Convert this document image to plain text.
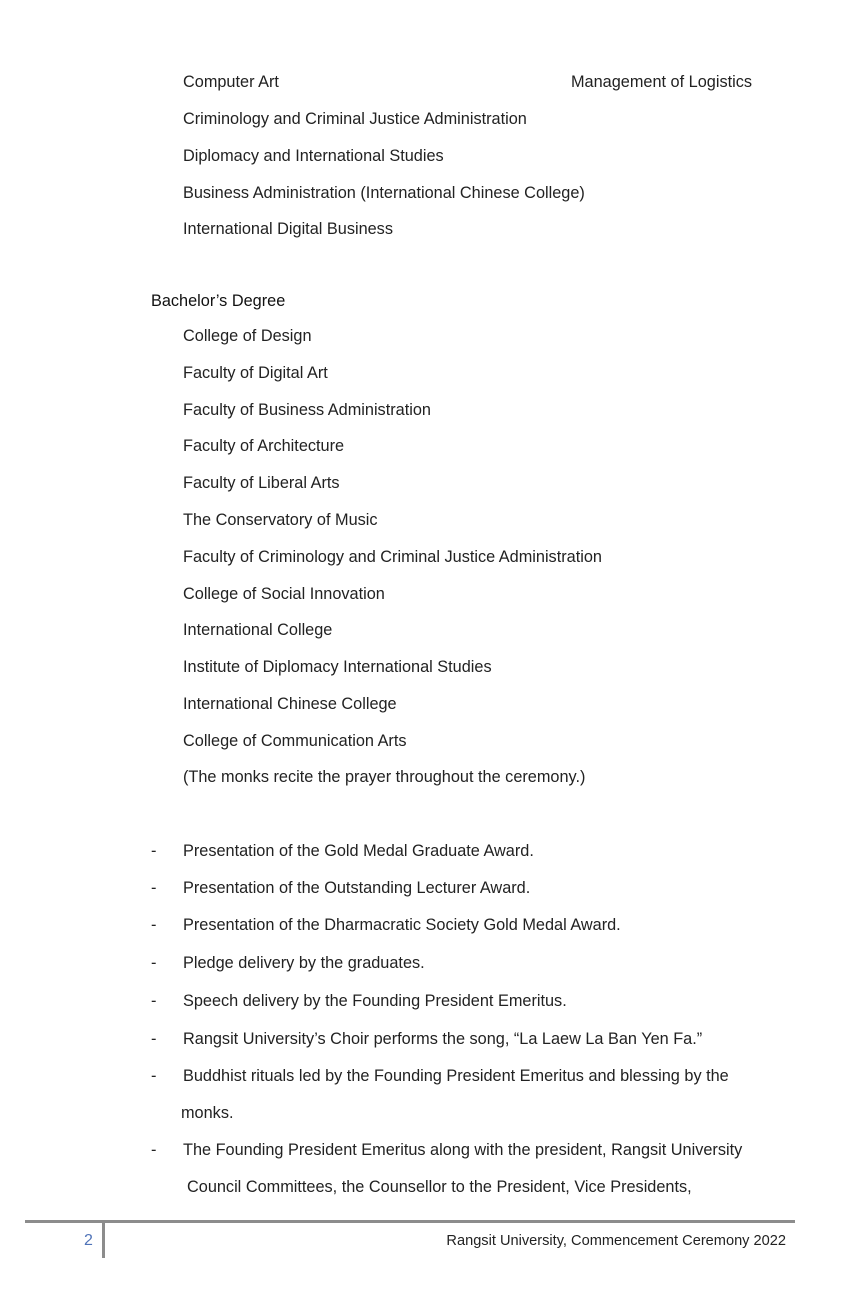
Computer Art	Management of Logistics
Criminology and Criminal Justice Administration
Diplomacy and International Studies
Business Administration (International Chinese College)
International Digital Business
Bachelor’s Degree
College of Design
Faculty of Digital Art
Faculty of Business Administration
Faculty of Architecture
Faculty of Liberal Arts
The Conservatory of Music
Faculty of Criminology and Criminal Justice Administration
College of Social Innovation
International College
Institute of Diplomacy International Studies
International Chinese College
College of Communication Arts
(The monks recite the prayer throughout the ceremony.)
- Presentation of the Gold Medal Graduate Award.
- Presentation of the Outstanding Lecturer Award.
- Presentation of the Dharmacratic Society Gold Medal Award.
- Pledge delivery by the graduates.
- Speech delivery by the Founding President Emeritus.
- Rangsit University’s Choir performs the song, “La Laew La Ban Yen Fa.”
- Buddhist rituals led by the Founding President Emeritus and blessing by the
monks.
- The Founding President Emeritus along with the president, Rangsit University
Council Committees, the Counsellor to the President, Vice Presidents,
2	Rangsit University, Commencement Ceremony 2022
